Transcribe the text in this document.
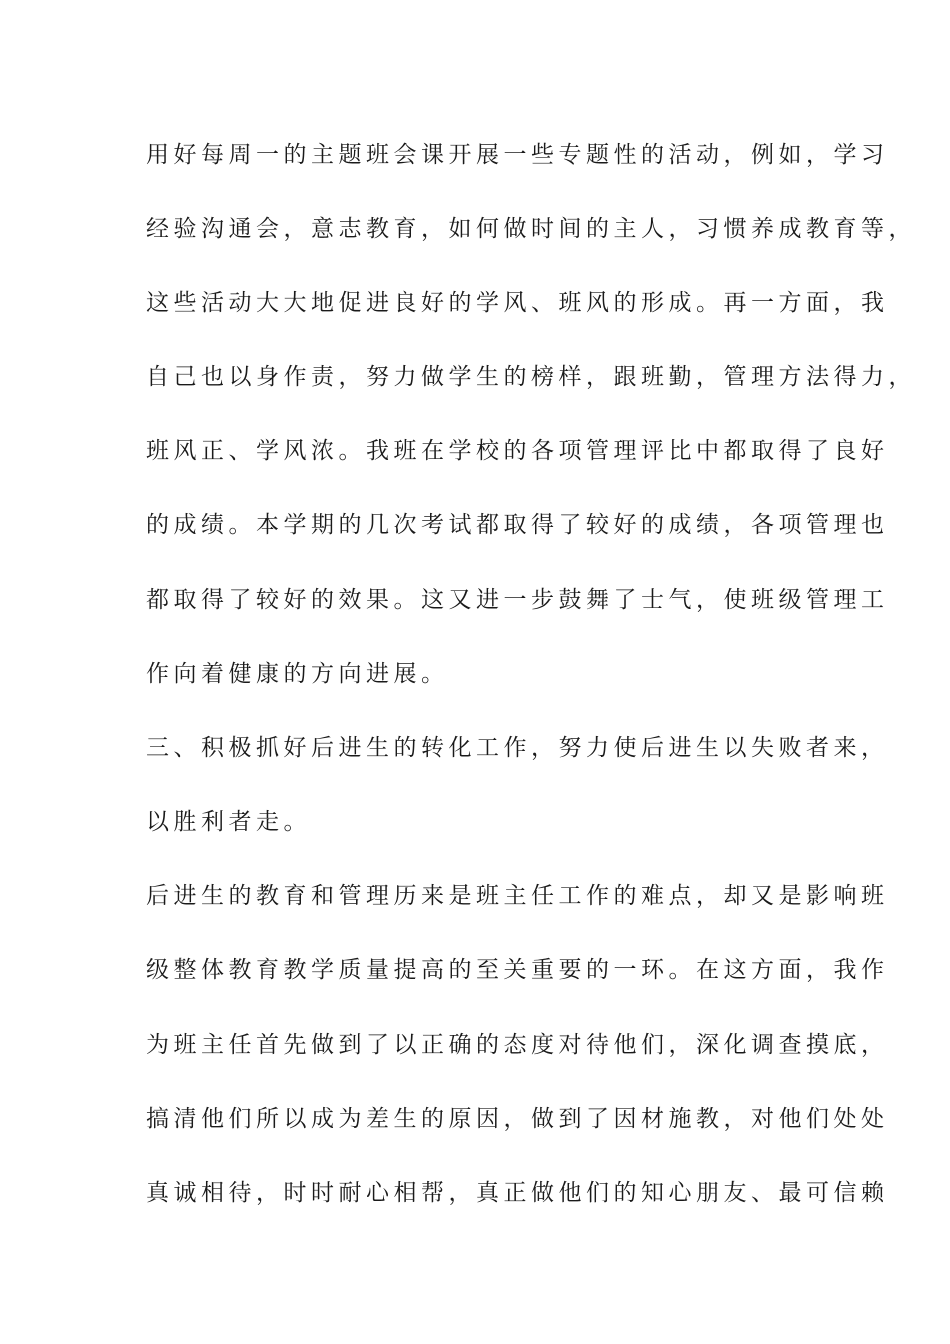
用好每周一的主题班会课开展一些专题性的活动，例如，学习
经验沟通会，意志教育，如何做时间的主人，习惯养成教育等，
这些活动大大地促进良好的学风、班风的形成。再一方面，我
自己也以身作责，努力做学生的榜样，跟班勤，管理方法得力，
班风正、学风浓。我班在学校的各项管理评比中都取得了良好
的成绩。本学期的几次考试都取得了较好的成绩，各项管理也
都取得了较好的效果。这又进一步鼓舞了士气，使班级管理工
作向着健康的方向进展。
三、积极抓好后进生的转化工作，努力使后进生以失败者来，
以胜利者走。
后进生的教育和管理历来是班主任工作的难点，却又是影响班
级整体教育教学质量提高的至关重要的一环。在这方面，我作
为班主任首先做到了以正确的态度对待他们，深化调查摸底，
搞清他们所以成为差生的原因，做到了因材施教，对他们处处
真诚相待，时时耐心相帮，真正做他们的知心朋友、最可信赖
